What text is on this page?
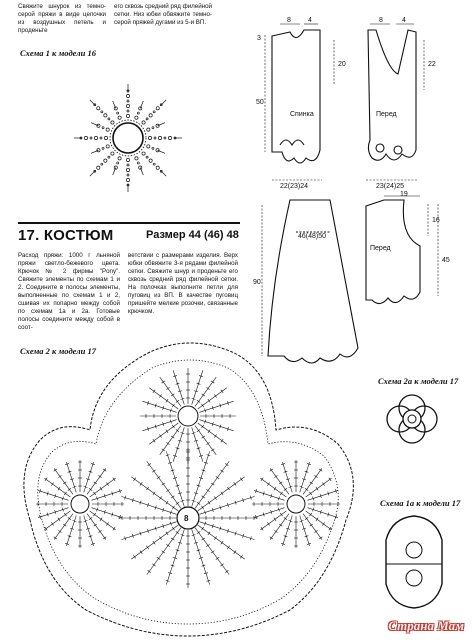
Свяжите шнурок из темно-серой пряжи в виде цепочки из воздушных петель и проденьте
его сквозь средний ряд филейной сетки. Низ юбки обвяжите темно-серой пряжей дугами из 5-и ВП.
Схема 1 к модели 16
17. КОСТЮМ	Размер 44 (46) 48
Расход пряжи: 1000 г льняной пряжи светло-бежевого цвета. Крючок № 2 фирмы "Pony". Свяжите элементы по схемам 1 и 2. Соедините в полосы элементы, выполненные по схемам 1 и 2, сшивая их попарно между собой по схемам 1а и 2а. Готовые полосы соедините между собой в соот-
ветствии с размерами изделия. Верх юбки обвяжите 3-я рядами филейной сетки. Свяжите шнур и проденьте его сквозь средний ряд филейной сетки. На полочках выполните петли для пуговиц из ВП. В качестве пуговиц пришейте мелкие розочки, связанные крючком.
Схема 2 к модели 17
Схема 2а к модели 17
Схема 1а к модели 17
8 4	8	4
3
20
50
22
Спинка	Перед
22(23)24	23(24)25
46(48)50
90
19
16
45
Перед
8
Страна Мам
